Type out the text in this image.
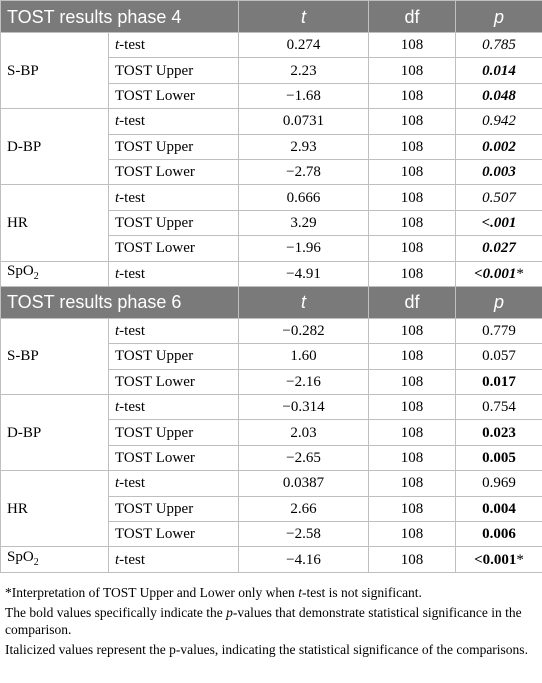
TOST results phase 4		t	df	p
S-BP	t-test	0.274	108	0.785
	TOST Upper	2.23	108	0.014
	TOST Lower	−1.68	108	0.048
D-BP	t-test	0.0731	108	0.942
	TOST Upper	2.93	108	0.002
	TOST Lower	−2.78	108	0.003
HR	t-test	0.666	108	0.507
	TOST Upper	3.29	108	<.001
	TOST Lower	−1.96	108	0.027
SpO$_2$	t-test	−4.91	108	<0.001*
TOST results phase 6		t	df	p
S-BP	t-test	−0.282	108	0.779
	TOST Upper	1.60	108	0.057
	TOST Lower	−2.16	108	0.017
D-BP	t-test	−0.314	108	0.754
	TOST Upper	2.03	108	0.023
	TOST Lower	−2.65	108	0.005
HR	t-test	0.0387	108	0.969
	TOST Upper	2.66	108	0.004
	TOST Lower	−2.58	108	0.006
SpO$_2$	t-test	−4.16	108	<0.001*

*Interpretation of TOST Upper and Lower only when t-test is not significant.

The bold values specifically indicate the p-values that demonstrate statistical significance in the comparison.

Italicized values represent the p-values, indicating the statistical significance of the comparisons.
